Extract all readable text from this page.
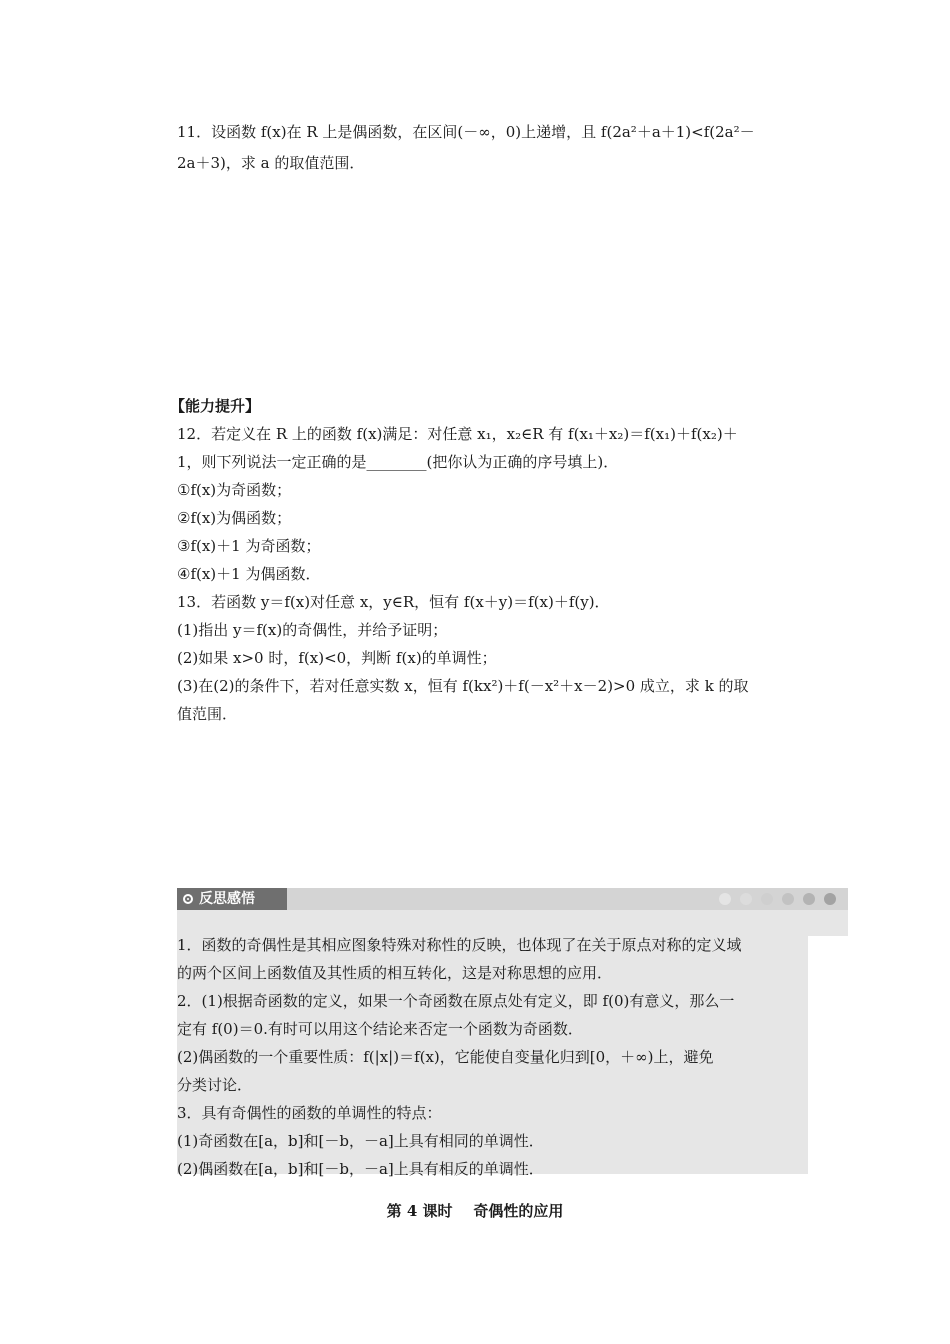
11．设函数 f(x)在 R 上是偶函数，在区间(－∞，0)上递增，且 f(2a²＋a＋1)<f(2a²－
2a＋3)，求 a 的取值范围．
【能力提升】
12．若定义在 R 上的函数 f(x)满足：对任意 x₁，x₂∈R 有 f(x₁＋x₂)＝f(x₁)＋f(x₂)＋
1，则下列说法一定正确的是________(把你认为正确的序号填上)．
①f(x)为奇函数；
②f(x)为偶函数；
③f(x)＋1 为奇函数；
④f(x)＋1 为偶函数．
13．若函数 y＝f(x)对任意 x，y∈R，恒有 f(x＋y)＝f(x)＋f(y)．
(1)指出 y＝f(x)的奇偶性，并给予证明；
(2)如果 x>0 时，f(x)<0，判断 f(x)的单调性；
(3)在(2)的条件下，若对任意实数 x，恒有 f(kx²)＋f(－x²＋x－2)>0 成立，求 k 的取
值范围．
反思感悟
1．函数的奇偶性是其相应图象特殊对称性的反映，也体现了在关于原点对称的定义域
的两个区间上函数值及其性质的相互转化，这是对称思想的应用．
2．(1)根据奇函数的定义，如果一个奇函数在原点处有定义，即 f(0)有意义，那么一
定有 f(0)＝0.有时可以用这个结论来否定一个函数为奇函数．
(2)偶函数的一个重要性质：f(|x|)＝f(x)，它能使自变量化归到[0，＋∞)上，避免
分类讨论．
3．具有奇偶性的函数的单调性的特点：
(1)奇函数在[a，b]和[－b，－a]上具有相同的单调性．
(2)偶函数在[a，b]和[－b，－a]上具有相反的单调性．
第 4 课时 奇偶性的应用
